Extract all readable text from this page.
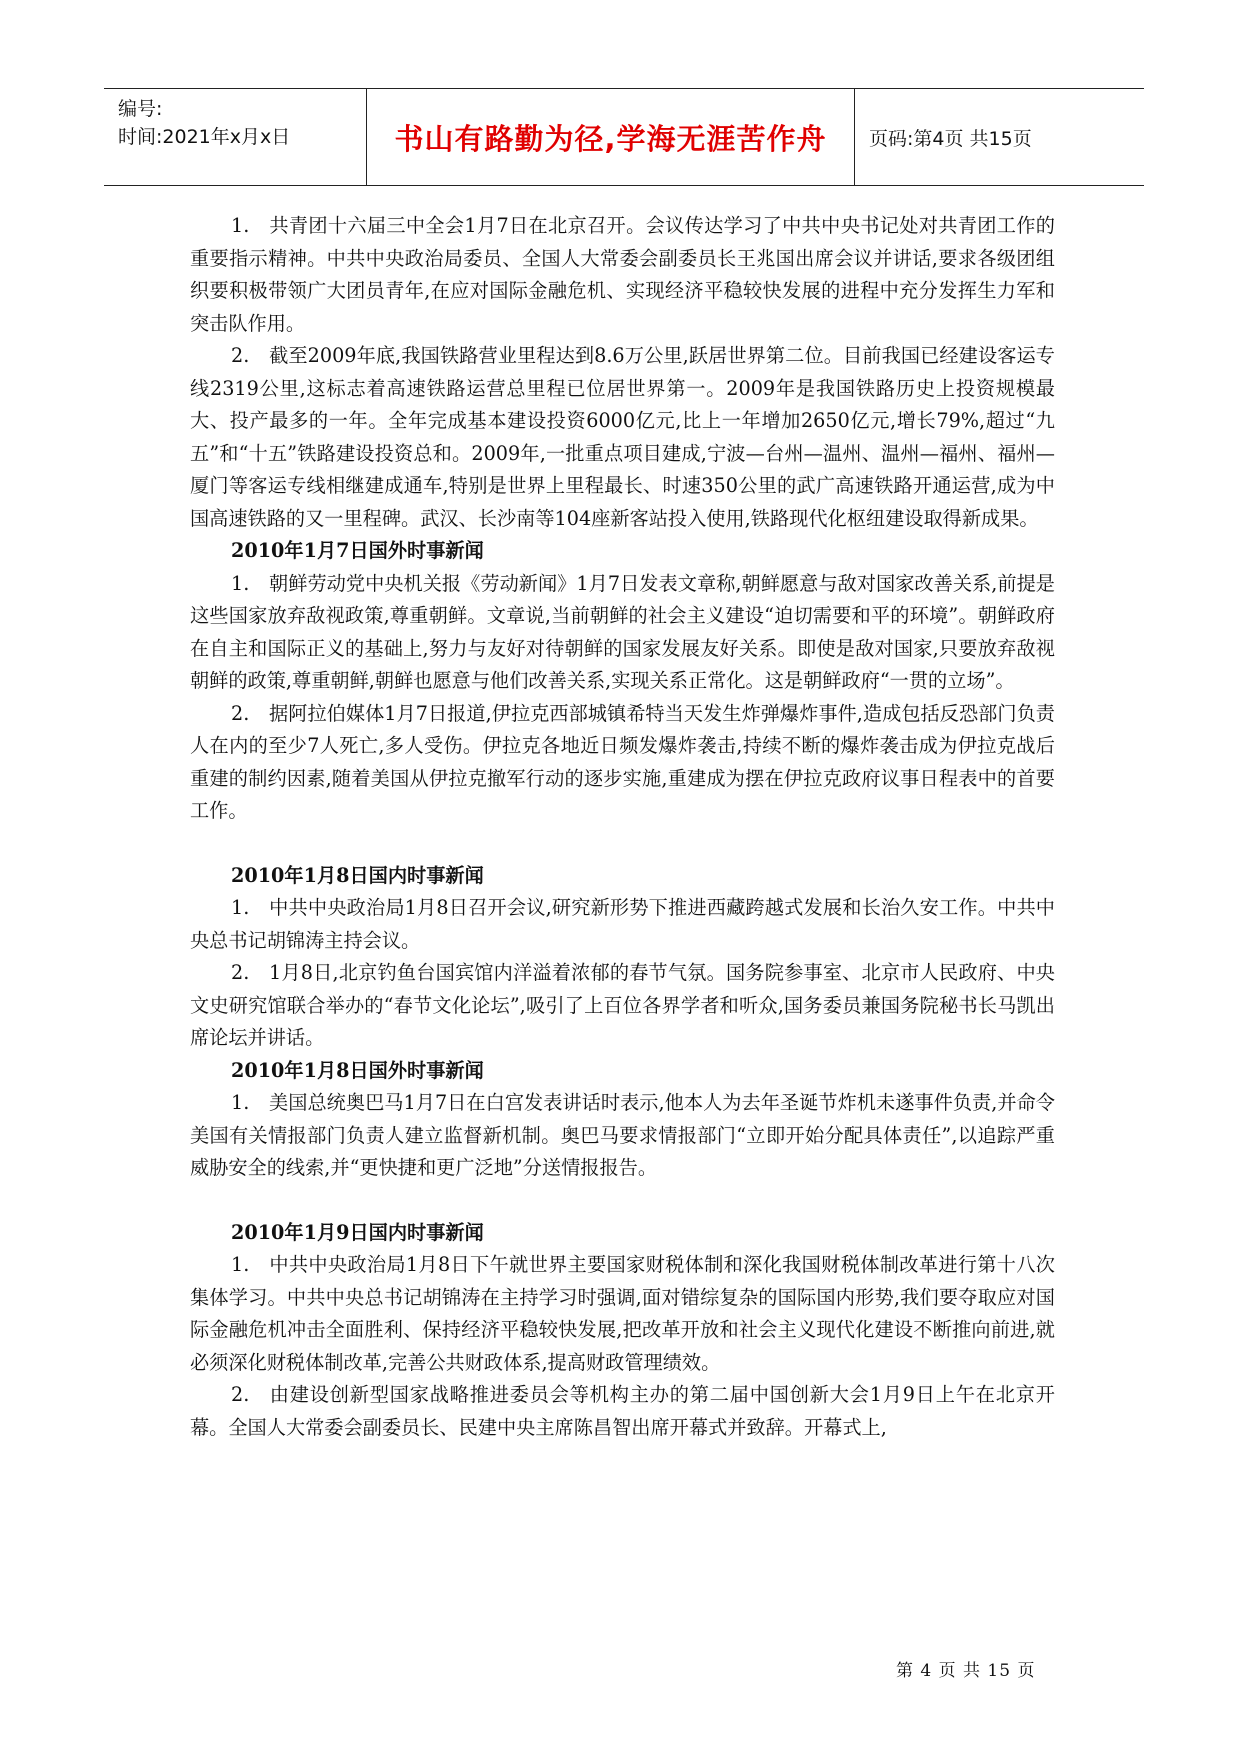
编号:
时间:2021年x月x日	书山有路勤为径,学海无涯苦作舟	页码:第4页 共15页

1. 共青团十六届三中全会1月7日在北京召开。会议传达学习了中共中央书记处对共青团工作的重要指示精神。中共中央政治局委员、全国人大常委会副委员长王兆国出席会议并讲话,要求各级团组织要积极带领广大团员青年,在应对国际金融危机、实现经济平稳较快发展的进程中充分发挥生力军和突击队作用。

2. 截至2009年底,我国铁路营业里程达到8.6万公里,跃居世界第二位。目前我国已经建设客运专线2319公里,这标志着高速铁路运营总里程已位居世界第一。2009年是我国铁路历史上投资规模最大、投产最多的一年。全年完成基本建设投资6000亿元,比上一年增加2650亿元,增长79%,超过“九五”和“十五”铁路建设投资总和。2009年,一批重点项目建成,宁波—台州—温州、温州—福州、福州—厦门等客运专线相继建成通车,特别是世界上里程最长、时速350公里的武广高速铁路开通运营,成为中国高速铁路的又一里程碑。武汉、长沙南等104座新客站投入使用,铁路现代化枢纽建设取得新成果。

2010年1月7日国外时事新闻

1. 朝鲜劳动党中央机关报《劳动新闻》1月7日发表文章称,朝鲜愿意与敌对国家改善关系,前提是这些国家放弃敌视政策,尊重朝鲜。文章说,当前朝鲜的社会主义建设“迫切需要和平的环境”。朝鲜政府在自主和国际正义的基础上,努力与友好对待朝鲜的国家发展友好关系。即使是敌对国家,只要放弃敌视朝鲜的政策,尊重朝鲜,朝鲜也愿意与他们改善关系,实现关系正常化。这是朝鲜政府“一贯的立场”。

2. 据阿拉伯媒体1月7日报道,伊拉克西部城镇希特当天发生炸弹爆炸事件,造成包括反恐部门负责人在内的至少7人死亡,多人受伤。伊拉克各地近日频发爆炸袭击,持续不断的爆炸袭击成为伊拉克战后重建的制约因素,随着美国从伊拉克撤军行动的逐步实施,重建成为摆在伊拉克政府议事日程表中的首要工作。

2010年1月8日国内时事新闻

1. 中共中央政治局1月8日召开会议,研究新形势下推进西藏跨越式发展和长治久安工作。中共中央总书记胡锦涛主持会议。

2. 1月8日,北京钓鱼台国宾馆内洋溢着浓郁的春节气氛。国务院参事室、北京市人民政府、中央文史研究馆联合举办的“春节文化论坛”,吸引了上百位各界学者和听众,国务委员兼国务院秘书长马凯出席论坛并讲话。

2010年1月8日国外时事新闻

1. 美国总统奥巴马1月7日在白宫发表讲话时表示,他本人为去年圣诞节炸机未遂事件负责,并命令美国有关情报部门负责人建立监督新机制。奥巴马要求情报部门“立即开始分配具体责任”,以追踪严重威胁安全的线索,并“更快捷和更广泛地”分送情报报告。

2010年1月9日国内时事新闻

1. 中共中央政治局1月8日下午就世界主要国家财税体制和深化我国财税体制改革进行第十八次集体学习。中共中央总书记胡锦涛在主持学习时强调,面对错综复杂的国际国内形势,我们要夺取应对国际金融危机冲击全面胜利、保持经济平稳较快发展,把改革开放和社会主义现代化建设不断推向前进,就必须深化财税体制改革,完善公共财政体系,提高财政管理绩效。

2. 由建设创新型国家战略推进委员会等机构主办的第二届中国创新大会1月9日上午在北京开幕。全国人大常委会副委员长、民建中央主席陈昌智出席开幕式并致辞。开幕式上,

第 4 页 共 15 页
